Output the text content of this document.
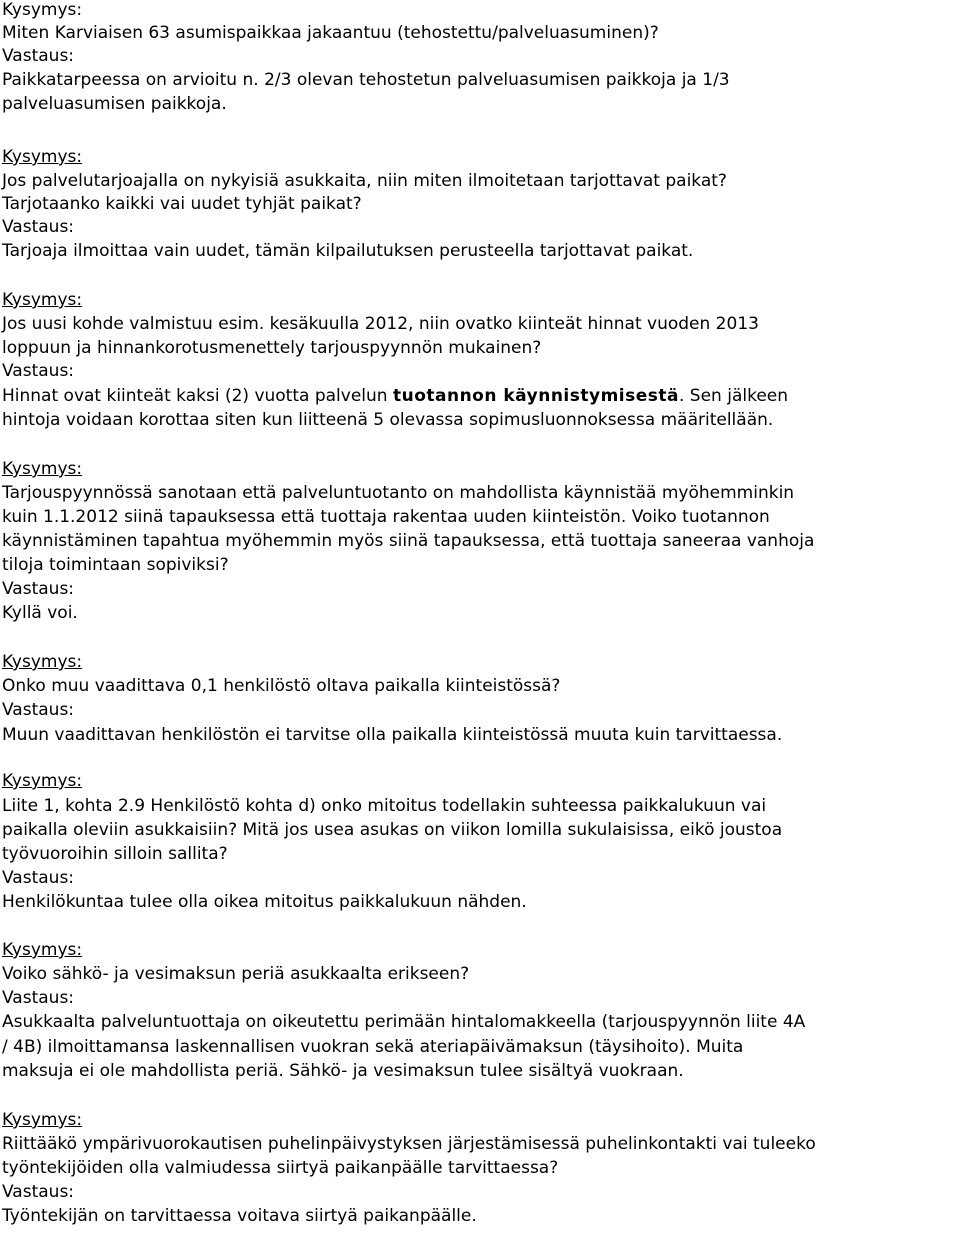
Kysymys:
Miten Karviaisen 63 asumispaikkaa jakaantuu (tehostettu/palveluasuminen)?
Vastaus:
Paikkatarpeessa on arvioitu n. 2/3 olevan tehostetun palveluasumisen paikkoja ja 1/3
palveluasumisen paikkoja.
Kysymys:
Jos palvelutarjoajalla on nykyisiä asukkaita, niin miten ilmoitetaan tarjottavat paikat?
Tarjotaanko kaikki vai uudet tyhjät paikat?
Vastaus:
Tarjoaja ilmoittaa vain uudet, tämän kilpailutuksen perusteella tarjottavat paikat.
Kysymys:
Jos uusi kohde valmistuu esim. kesäkuulla 2012, niin ovatko kiinteät hinnat vuoden 2013
loppuun ja hinnankorotusmenettely tarjouspyynnön mukainen?
Vastaus:
Hinnat ovat kiinteät kaksi (2) vuotta palvelun tuotannon käynnistymisestä. Sen jälkeen
hintoja voidaan korottaa siten kun liitteenä 5 olevassa sopimusluonnoksessa määritellään.
Kysymys:
Tarjouspyynnössä sanotaan että palveluntuotanto on mahdollista käynnistää myöhemminkin
kuin 1.1.2012 siinä tapauksessa että tuottaja rakentaa uuden kiinteistön. Voiko tuotannon
käynnistäminen tapahtua myöhemmin myös siinä tapauksessa, että tuottaja saneeraa vanhoja
tiloja toimintaan sopiviksi?
Vastaus:
Kyllä voi.
Kysymys:
Onko muu vaadittava 0,1 henkilöstö oltava paikalla kiinteistössä?
Vastaus:
Muun vaadittavan henkilöstön ei tarvitse olla paikalla kiinteistössä muuta kuin tarvittaessa.
Kysymys:
Liite 1, kohta 2.9 Henkilöstö kohta d) onko mitoitus todellakin suhteessa paikkalukuun vai
paikalla oleviin asukkaisiin? Mitä jos usea asukas on viikon lomilla sukulaisissa, eikö joustoa
työvuoroihin silloin sallita?
Vastaus:
Henkilökuntaa tulee olla oikea mitoitus paikkalukuun nähden.
Kysymys:
Voiko sähkö- ja vesimaksun periä asukkaalta erikseen?
Vastaus:
Asukkaalta palveluntuottaja on oikeutettu perimään hintalomakkeella (tarjouspyynnön liite 4A
/ 4B) ilmoittamansa laskennallisen vuokran sekä ateriapäivämaksun (täysihoito). Muita
maksuja ei ole mahdollista periä. Sähkö- ja vesimaksun tulee sisältyä vuokraan.
Kysymys:
Riittääkö ympärivuorokautisen puhelinpäivystyksen järjestämisessä puhelinkontakti vai tuleeko
työntekijöiden olla valmiudessa siirtyä paikanpäälle tarvittaessa?
Vastaus:
Työntekijän on tarvittaessa voitava siirtyä paikanpäälle.
